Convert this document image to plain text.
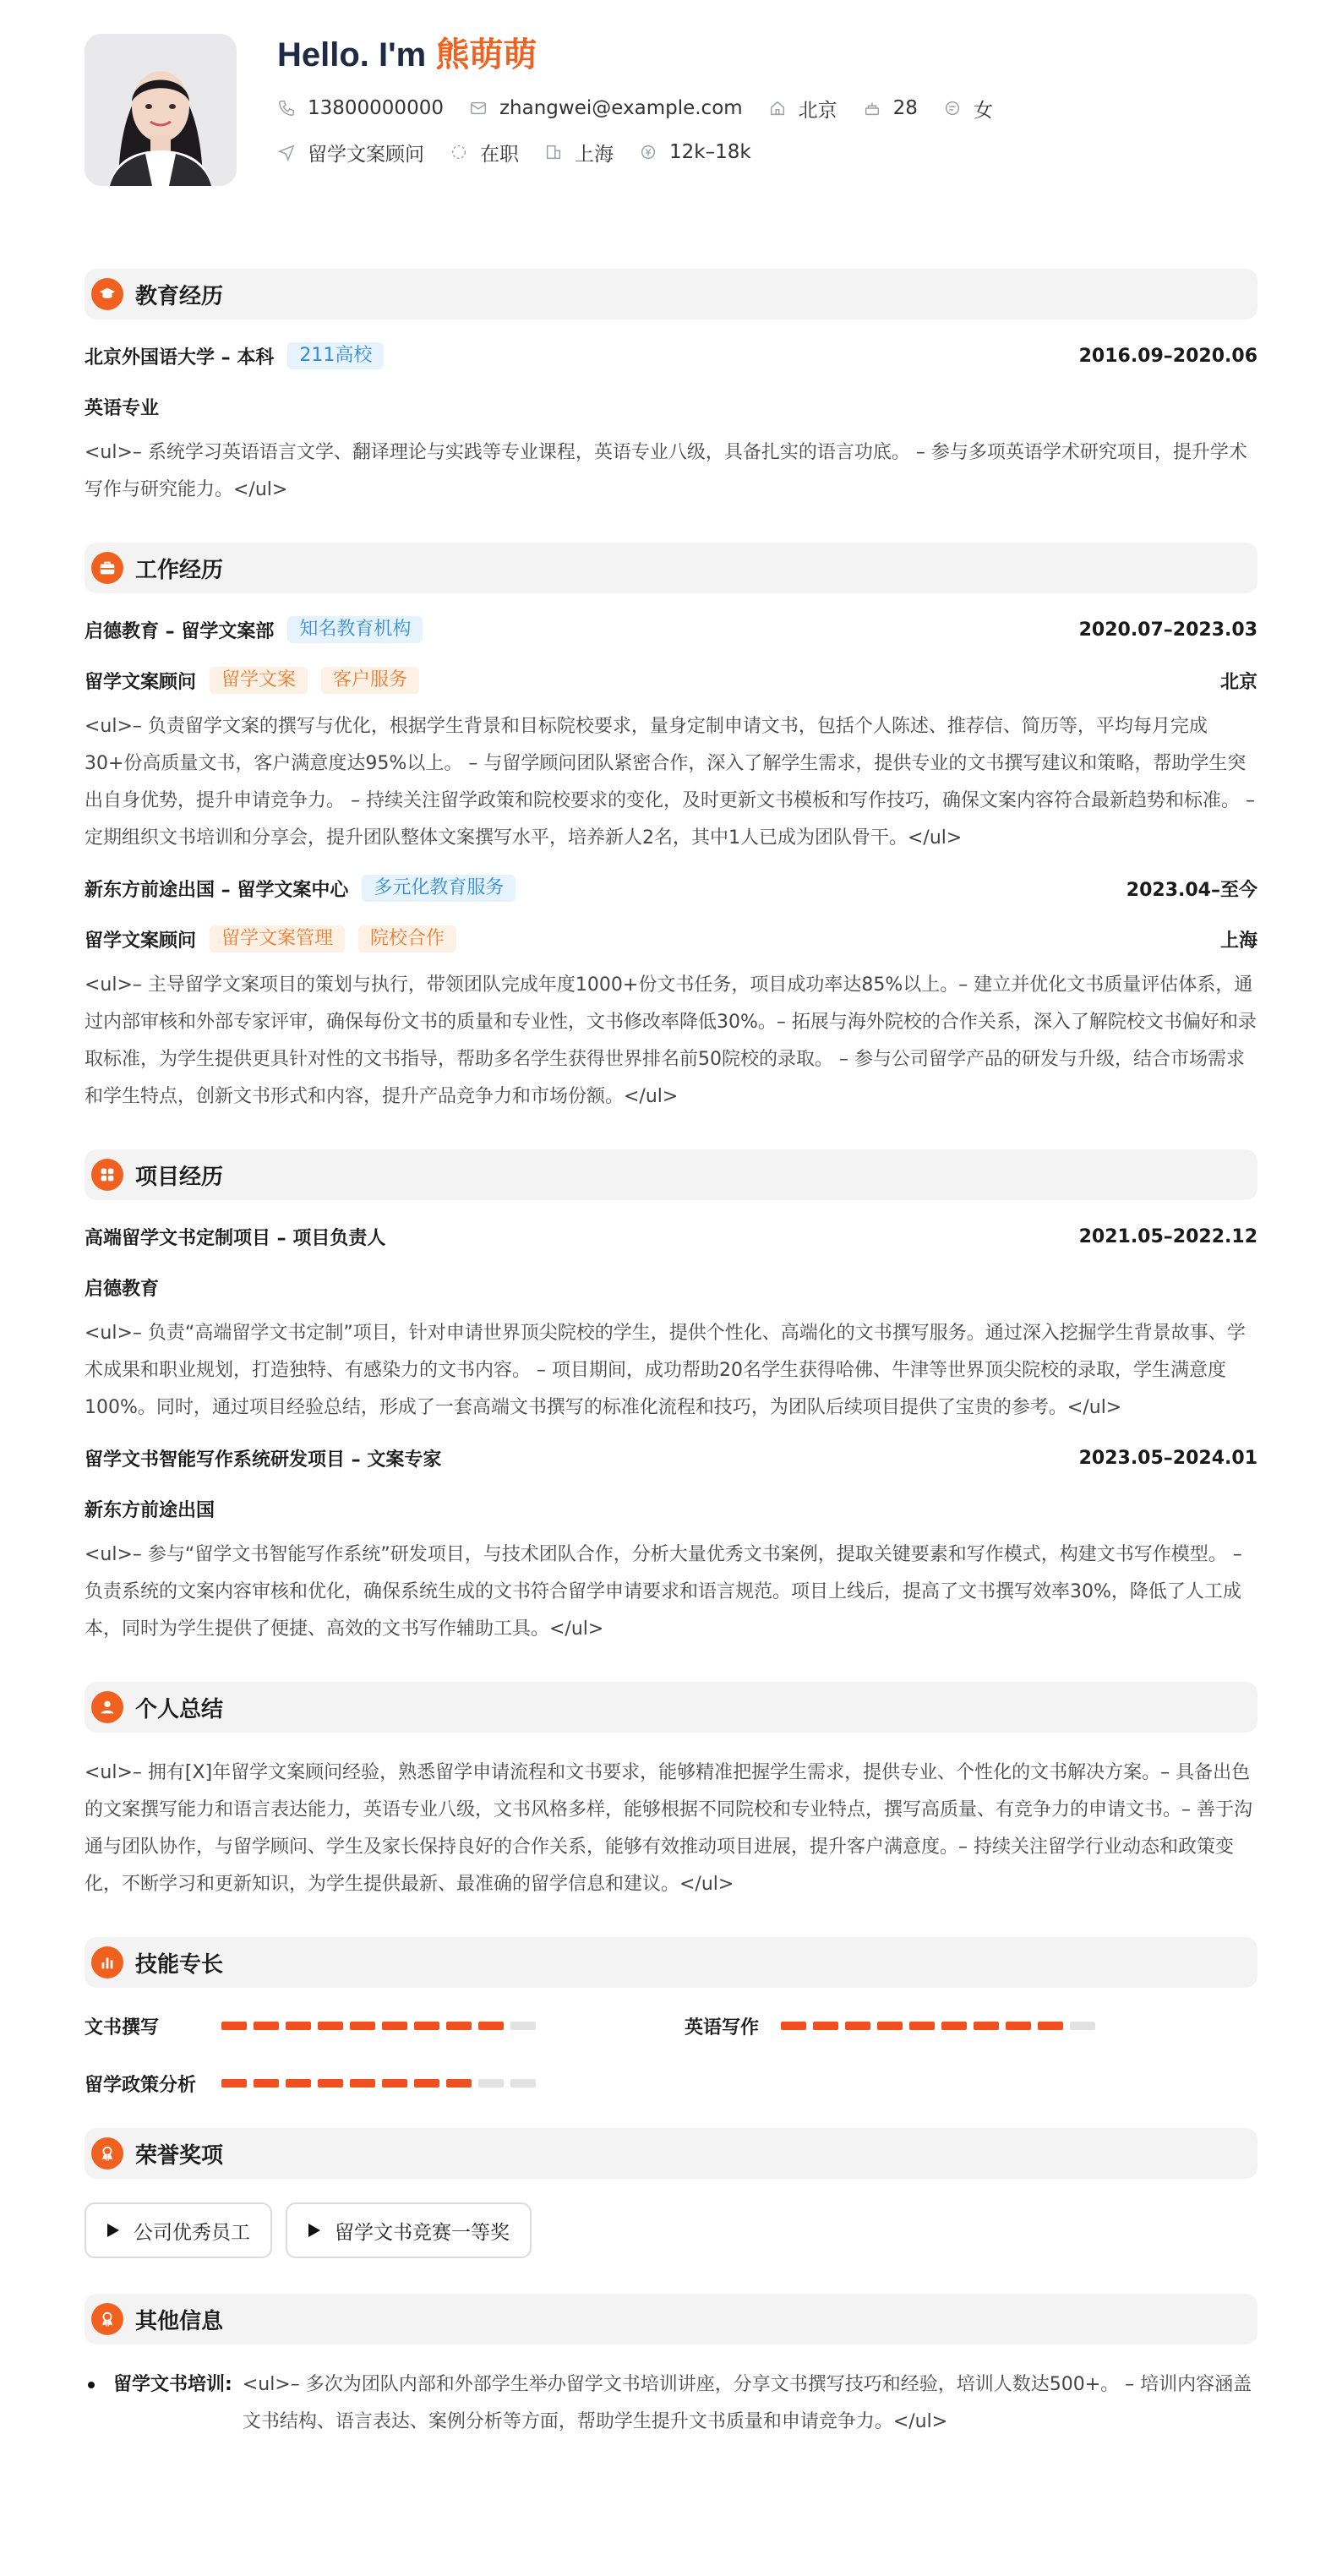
Hello. I'm 熊萌萌
13800000000	zhangwei@example.com	北京	28	女
留学文案顾问	在职	上海	12k–18k
教育经历
北京外国语大学 – 本科	211高校	2016.09–2020.06
英语专业
<ul>– 系统学习英语语言文学、翻译理论与实践等专业课程，英语专业八级，具备扎实的语言功底。 – 参与多项英语学术研究项目，提升学术写作与研究能力。</ul>
工作经历
启德教育 – 留学文案部	知名教育机构	2020.07–2023.03
留学文案顾问	留学文案	客户服务	北京
<ul>– 负责留学文案的撰写与优化，根据学生背景和目标院校要求，量身定制申请文书，包括个人陈述、推荐信、简历等，平均每月完成30+份高质量文书，客户满意度达95%以上。 – 与留学顾问团队紧密合作，深入了解学生需求，提供专业的文书撰写建议和策略，帮助学生突出自身优势，提升申请竞争力。 – 持续关注留学政策和院校要求的变化，及时更新文书模板和写作技巧，确保文案内容符合最新趋势和标准。 – 定期组织文书培训和分享会，提升团队整体文案撰写水平，培养新人2名，其中1人已成为团队骨干。</ul>
新东方前途出国 – 留学文案中心	多元化教育服务	2023.04–至今
留学文案顾问	留学文案管理	院校合作	上海
<ul>– 主导留学文案项目的策划与执行，带领团队完成年度1000+份文书任务，项目成功率达85%以上。– 建立并优化文书质量评估体系，通过内部审核和外部专家评审，确保每份文书的质量和专业性，文书修改率降低30%。– 拓展与海外院校的合作关系，深入了解院校文书偏好和录取标准，为学生提供更具针对性的文书指导，帮助多名学生获得世界排名前50院校的录取。 – 参与公司留学产品的研发与升级，结合市场需求和学生特点，创新文书形式和内容，提升产品竞争力和市场份额。</ul>
项目经历
高端留学文书定制项目 – 项目负责人	2021.05–2022.12
启德教育
<ul>– 负责“高端留学文书定制”项目，针对申请世界顶尖院校的学生，提供个性化、高端化的文书撰写服务。通过深入挖掘学生背景故事、学术成果和职业规划，打造独特、有感染力的文书内容。 – 项目期间，成功帮助20名学生获得哈佛、牛津等世界顶尖院校的录取，学生满意度100%。同时，通过项目经验总结，形成了一套高端文书撰写的标准化流程和技巧，为团队后续项目提供了宝贵的参考。</ul>
留学文书智能写作系统研发项目 – 文案专家	2023.05–2024.01
新东方前途出国
<ul>– 参与“留学文书智能写作系统”研发项目，与技术团队合作，分析大量优秀文书案例，提取关键要素和写作模式，构建文书写作模型。 – 负责系统的文案内容审核和优化，确保系统生成的文书符合留学申请要求和语言规范。项目上线后，提高了文书撰写效率30%，降低了人工成本，同时为学生提供了便捷、高效的文书写作辅助工具。</ul>
个人总结
<ul>– 拥有[X]年留学文案顾问经验，熟悉留学申请流程和文书要求，能够精准把握学生需求，提供专业、个性化的文书解决方案。– 具备出色的文案撰写能力和语言表达能力，英语专业八级，文书风格多样，能够根据不同院校和专业特点，撰写高质量、有竞争力的申请文书。– 善于沟通与团队协作，与留学顾问、学生及家长保持良好的合作关系，能够有效推动项目进展，提升客户满意度。– 持续关注留学行业动态和政策变化，不断学习和更新知识，为学生提供最新、最准确的留学信息和建议。</ul>
技能专长
文书撰写	英语写作
留学政策分析
荣誉奖项
公司优秀员工	留学文书竞赛一等奖
其他信息
留学文书培训: <ul>– 多次为团队内部和外部学生举办留学文书培训讲座，分享文书撰写技巧和经验，培训人数达500+。 – 培训内容涵盖文书结构、语言表达、案例分析等方面，帮助学生提升文书质量和申请竞争力。</ul>
